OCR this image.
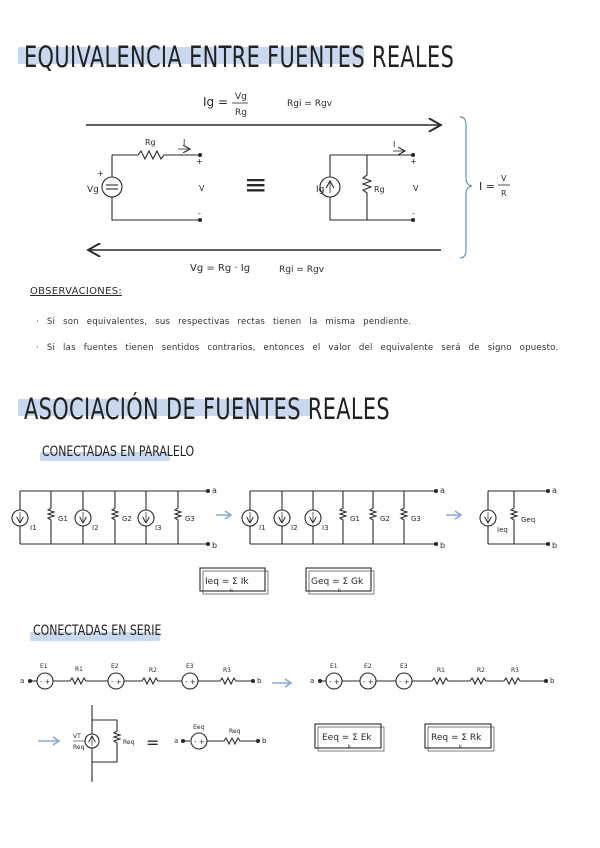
EQUIVALENCIA ENTRE FUENTES REALES
ASOCIACIÓN DE FUENTES REALES
CONECTADAS EN PARALELO
CONECTADAS EN SERIE
OBSERVACIONES:
· Si son equivalentes, sus respectivas rectas tienen la misma pendiente.
· Si las fuentes tienen sentidos contrarios, entonces el valor del equivalente será de signo opuesto.
Ig = Vg
Rg
Rgi = Rgv
+
Vg
Rg	I
+
V
-
≡	Ig	Rg
I
+
V
-
Vg = Rg · Ig	Rgi = Rgv
I =
V
R
a
b
I1
G1
I2
G2
I3
G3
a
b
I1	I2	I3
G1	G2	G3
a
b
Ieq
Geq
Ieq = Σ Ik
k
Geq = Σ Gk
k
a - +
E1	R1
- +
E2
R2
- +
E3
R3
b	a - +
E1
- +
E2
- +
E3
R1	R2	R3
b
VT
Req
Req = a - +
Eeq
Req
b	Eeq = Σ Ek
k
Req = Σ Rk
k
